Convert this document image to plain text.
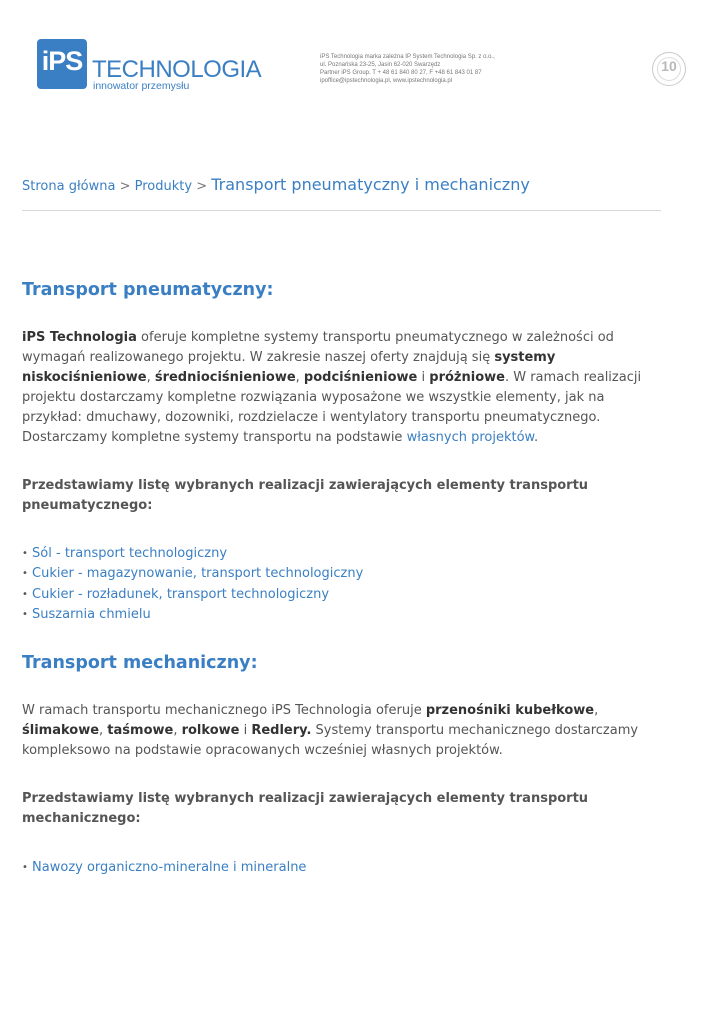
iPS TECHNOLOGIA
innowator przemysłu
iPS Technologia marka zależna IP System Technologia Sp. z o.o.,
ul. Poznańska 23-25, Jasin 62-020 Swarzędz
Partner iPS Group. T + 48 61 840 80 27, F +48 61 843 01 87
ipoffice@ipstechnologia.pl, www.ipstechnologia.pl
10
Strona główna > Produkty > Transport pneumatyczny i mechaniczny
Transport pneumatyczny:

iPS Technologia oferuje kompletne systemy transportu pneumatycznego w zależności od wymagań realizowanego projektu. W zakresie naszej oferty znajdują się systemy niskociśnieniowe, średniociśnieniowe, podciśnieniowe i próżniowe. W ramach realizacji projektu dostarczamy kompletne rozwiązania wyposażone we wszystkie elementy, jak na przykład: dmuchawy, dozowniki, rozdzielacze i wentylatory transportu pneumatycznego. Dostarczamy kompletne systemy transportu na podstawie własnych projektów.

Przedstawiamy listę wybranych realizacji zawierających elementy transportu pneumatycznego:

• Sól - transport technologiczny
• Cukier - magazynowanie, transport technologiczny
• Cukier - rozładunek, transport technologiczny
• Suszarnia chmielu
Transport mechaniczny:

W ramach transportu mechanicznego iPS Technologia oferuje przenośniki kubełkowe, ślimakowe, taśmowe, rolkowe i Redlery. Systemy transportu mechanicznego dostarczamy kompleksowo na podstawie opracowanych wcześniej własnych projektów.

Przedstawiamy listę wybranych realizacji zawierających elementy transportu mechanicznego:

• Nawozy organiczno-mineralne i mineralne
